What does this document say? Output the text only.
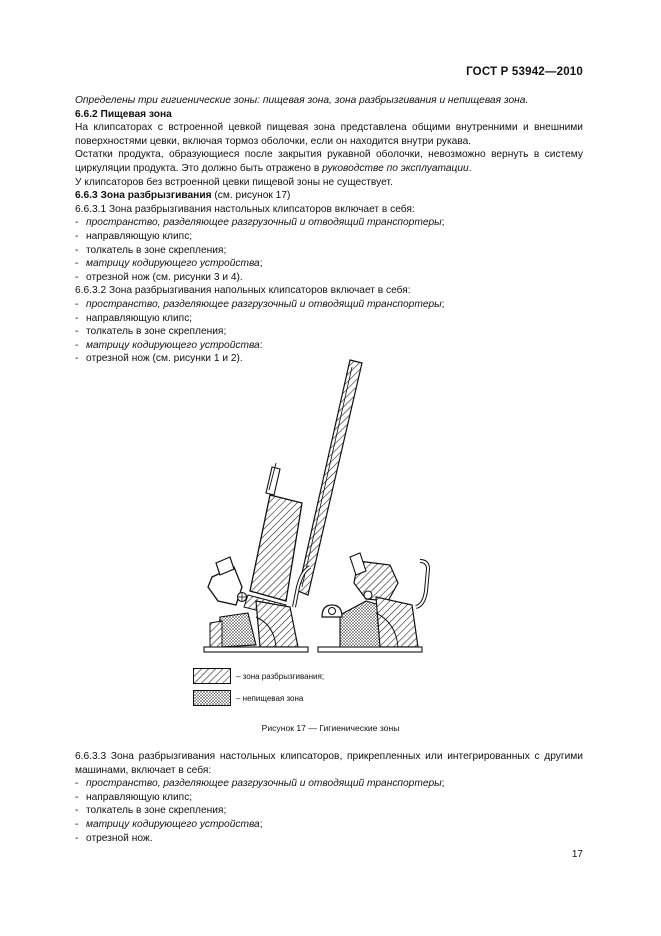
ГОСТ Р 53942—2010

Определены три гигиенические зоны: пищевая зона, зона разбрызгивания и непищевая зона.

6.6.2 Пищевая зона

На клипсаторах с встроенной цевкой пищевая зона представлена общими внутренними и внешними поверхностями цевки, включая тормоз оболочки, если он находится внутри рукава.

Остатки продукта, образующиеся после закрытия рукавной оболочки, невозможно вернуть в систему циркуляции продукта. Это должно быть отражено в руководстве по эксплуатации.

У клипсаторов без встроенной цевки пищевой зоны не существует.

6.6.3 Зона разбрызгивания (см. рисунок 17)

6.6.3.1 Зона разбрызгивания настольных клипсаторов включает в себя:

- пространство, разделяющее разгрузочный и отводящий транспортеры;

- направляющую клипс;

- толкатель в зоне скрепления;

- матрицу кодирующего устройства;

- отрезной нож (см. рисунки 3 и 4).

6.6.3.2 Зона разбрызгивания напольных клипсаторов включает в себя:

- пространство, разделяющее разгрузочный и отводящий транспортеры;

- направляющую клипс;

- толкатель в зоне скрепления;

- матрицу кодирующего устройства:

- отрезной нож (см. рисунки 1 и 2).

– зона разбрызгивания;
– непищевая зона
Рисунок 17 — Гигиенические зоны

6.6.3.3 Зона разбрызгивания настольных клипсаторов, прикрепленных или интегрированных с другими машинами, включает в себя:

- пространство, разделяющее разгрузочный и отводящий транспортеры;

- направляющую клипс;

- толкатель в зоне скрепления;

- матрицу кодирующего устройства;

- отрезной нож.

17
